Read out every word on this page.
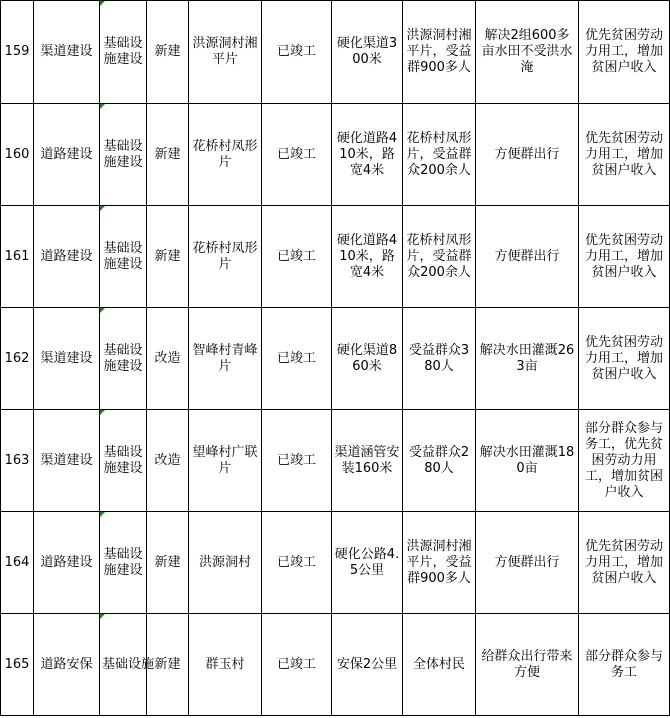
159	渠道建设	基础设施建设	新建	洪源洞村湘平片	已竣工	硬化渠道300米	洪源洞村湘平片，受益群900多人	解决2组600多亩水田不受洪水淹	优先贫困劳动力用工，增加贫困户收入
160	道路建设	基础设施建设	新建	花桥村凤形片	已竣工	硬化道路410米，路宽4米	花桥村凤形片，受益群众200余人	方便群出行	优先贫困劳动力用工，增加贫困户收入
161	道路建设	基础设施建设	新建	花桥村凤形片	已竣工	硬化道路410米，路宽4米	花桥村凤形片，受益群众200余人	方便群出行	优先贫困劳动力用工，增加贫困户收入
162	渠道建设	基础设施建设	改造	智峰村青峰片	已竣工	硬化渠道860米	受益群众380人	解决水田灌溉263亩	优先贫困劳动力用工，增加贫困户收入
163	渠道建设	基础设施建设	改造	望峰村广联片	已竣工	渠道涵管安装160米	受益群众280人	解决水田灌溉180亩	部分群众参与务工，优先贫困劳动力用工，增加贫困户收入
164	道路建设	基础设施建设	新建	洪源洞村	已竣工	硬化公路4.5公里	洪源洞村湘平片，受益群900多人	方便群出行	优先贫困劳动力用工，增加贫困户收入
165	道路安保	基础设施	新建	群玉村	已竣工	安保2公里	全体村民	给群众出行带来方便	部分群众参与务工
